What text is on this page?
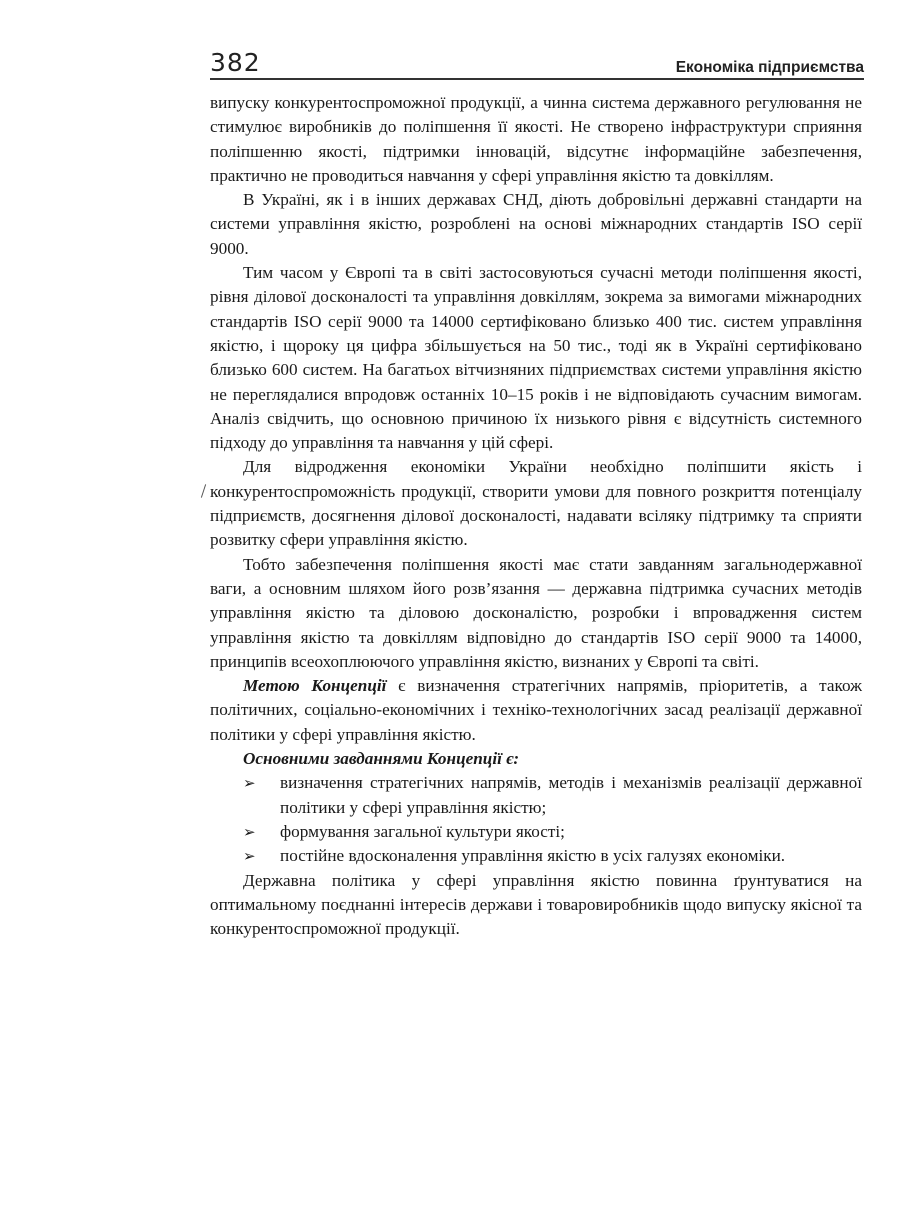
382	Економіка підприємства

випуску конкурентоспроможної продукції, а чинна система державного регулювання не стимулює виробників до поліпшення її якості. Не створено інфраструктури сприяння поліпшенню якості, підтримки інновацій, відсутнє інформаційне забезпечення, практично не проводиться навчання у сфері управління якістю та довкіллям.

В Україні, як і в інших державах СНД, діють добровільні державні стандарти на системи управління якістю, розроблені на основі міжнародних стандартів ISO серії 9000.

Тим часом у Європі та в світі застосовуються сучасні методи поліпшення якості, рівня ділової досконалості та управління довкіллям, зокрема за вимогами міжнародних стандартів ISO серії 9000 та 14000 сертифіковано близько 400 тис. систем управління якістю, і щороку ця цифра збільшується на 50 тис., тоді як в Україні сертифіковано близько 600 систем. На багатьох вітчизняних підприємствах системи управління якістю не переглядалися впродовж останніх 10–15 років і не відповідають сучасним вимогам. Аналіз свідчить, що основною причиною їх низького рівня є відсутність системного підходу до управління та навчання у цій сфері.

Для відродження економіки України необхідно поліпшити якість і конкурентоспроможність продукції, створити умови для повного розкриття потенціалу підприємств, досягнення ділової досконалості, надавати всіляку підтримку та сприяти розвитку сфери управління якістю.

Тобто забезпечення поліпшення якості має стати завданням загальнодержавної ваги, а основним шляхом його розв’язання — державна підтримка сучасних методів управління якістю та діловою досконалістю, розробки і впровадження систем управління якістю та довкіллям відповідно до стандартів ISO серії 9000 та 14000, принципів всеохоплюючого управління якістю, визнаних у Європі та світі.

Метою Концепції є визначення стратегічних напрямів, пріоритетів, а також політичних, соціально-економічних і техніко-технологічних засад реалізації державної політики у сфері управління якістю.

Основними завданнями Концепції є:

➢ визначення стратегічних напрямів, методів і механізмів реалізації державної політики у сфері управління якістю;
➢ формування загальної культури якості;
➢ постійне вдосконалення управління якістю в усіх галузях економіки.

Державна політика у сфері управління якістю повинна ґрунтуватися на оптимальному поєднанні інтересів держави і товаровиробників щодо випуску якісної та конкурентоспроможної продукції.
